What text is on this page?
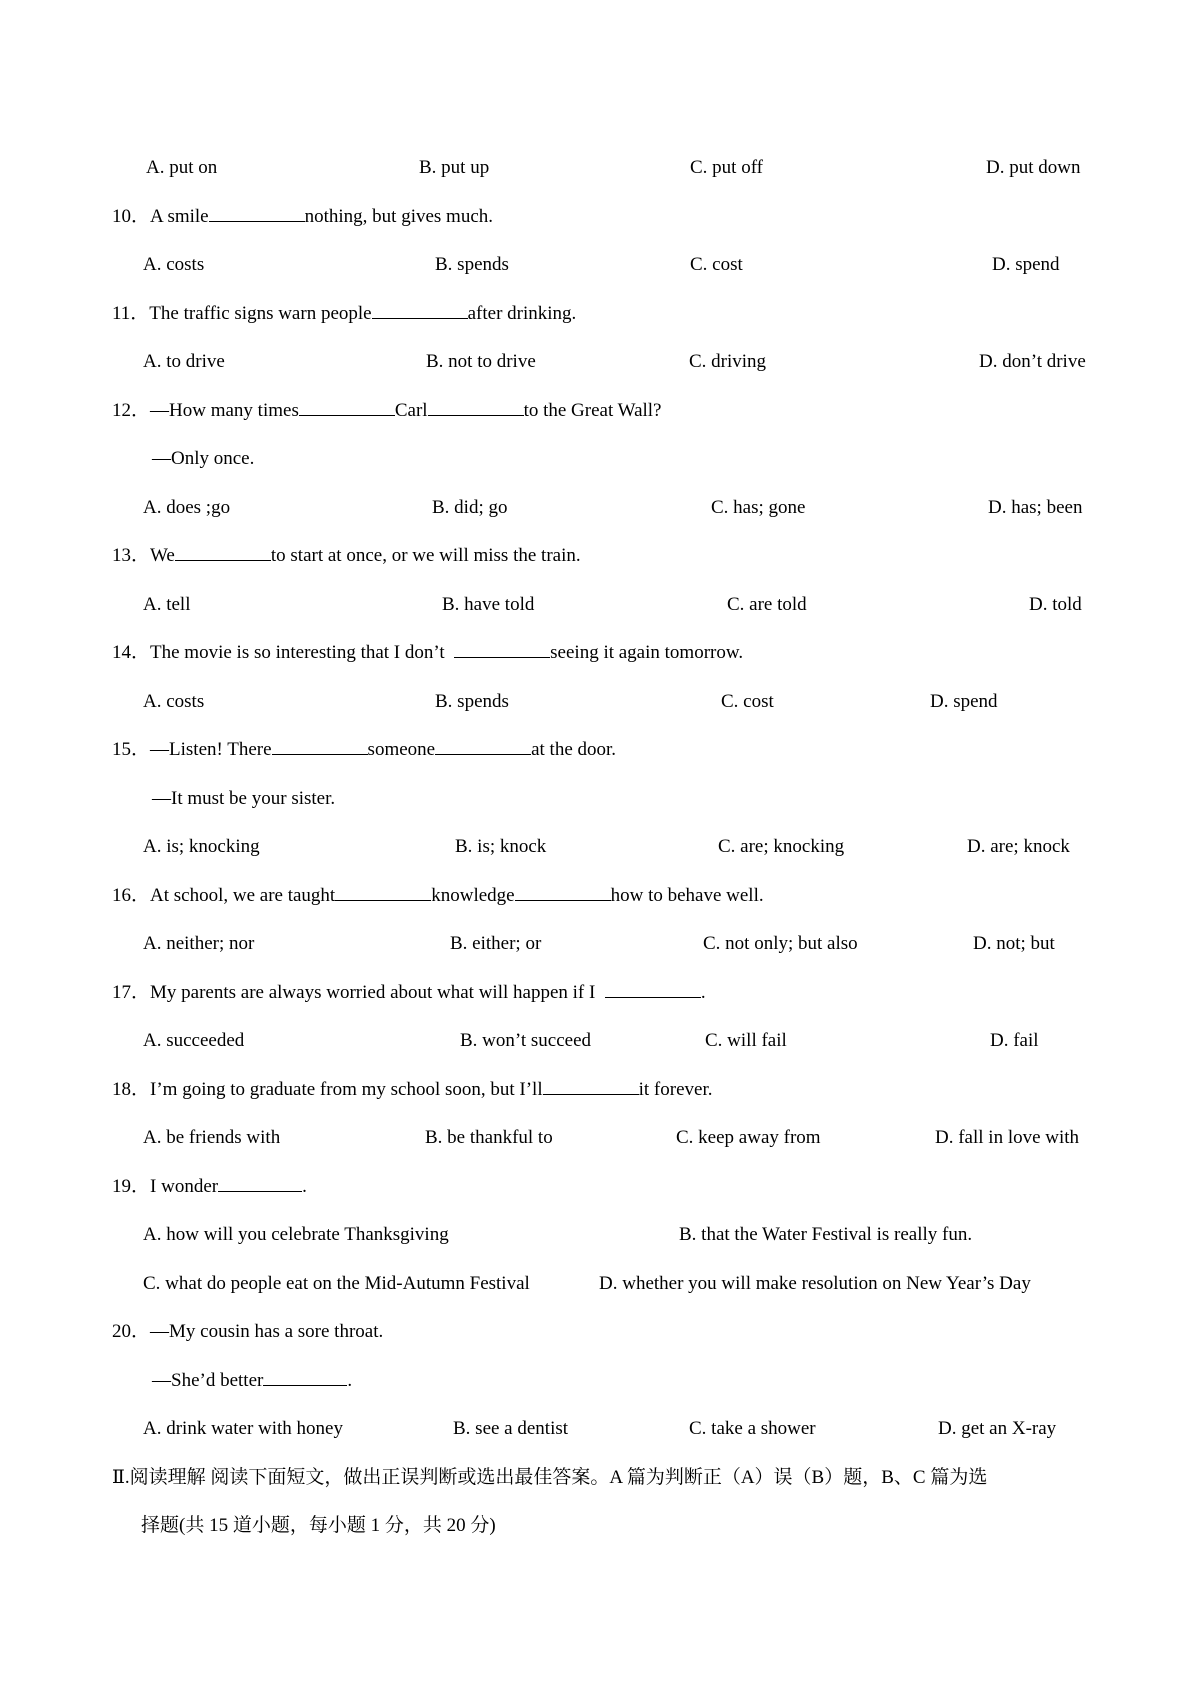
A. put on	B. put up	C. put off	D. put down
10．A smile	nothing, but gives much.
A. costs	B. spends	C. cost	D. spend
11．The traffic signs warn people	after drinking.
A. to drive	B. not to drive	C. driving	D. don’t drive
12．—How many times	Carl	to the Great Wall?
—Only once.
A. does ;go	B. did; go	C. has; gone	D. has; been
13．We	to start at once, or we will miss the train.
A. tell	B. have told	C. are told	D. told
14．The movie is so interesting that I don’t	seeing it again tomorrow.
A. costs	B. spends	C. cost	D. spend
15．—Listen! There	someone	at the door.
—It must be your sister.
A. is; knocking	B. is; knock	C. are; knocking	D. are; knock
16．At school, we are taught	knowledge	how to behave well.
A. neither; nor	B. either; or	C. not only; but also	D. not; but
17．My parents are always worried about what will happen if I	.
A. succeeded	B. won’t succeed	C. will fail	D. fail
18．I’m going to graduate from my school soon, but I’ll	it forever.
A. be friends with	B. be thankful to	C. keep away from	D. fall in love with
19．I wonder	.
A. how will you celebrate Thanksgiving	B. that the Water Festival is really fun.
C. what do people eat on the Mid-Autumn Festival	D. whether you will make resolution on New Year’s Day
20．—My cousin has a sore throat.
—She’d better	.
A. drink water with honey	B. see a dentist	C. take a shower	D. get an X-ray
Ⅱ.阅读理解 阅读下面短文，做出正误判断或选出最佳答案。A 篇为判断正（A）误（B）题，B、C 篇为选
择题(共 15 道小题，每小题 1 分，共 20 分)
